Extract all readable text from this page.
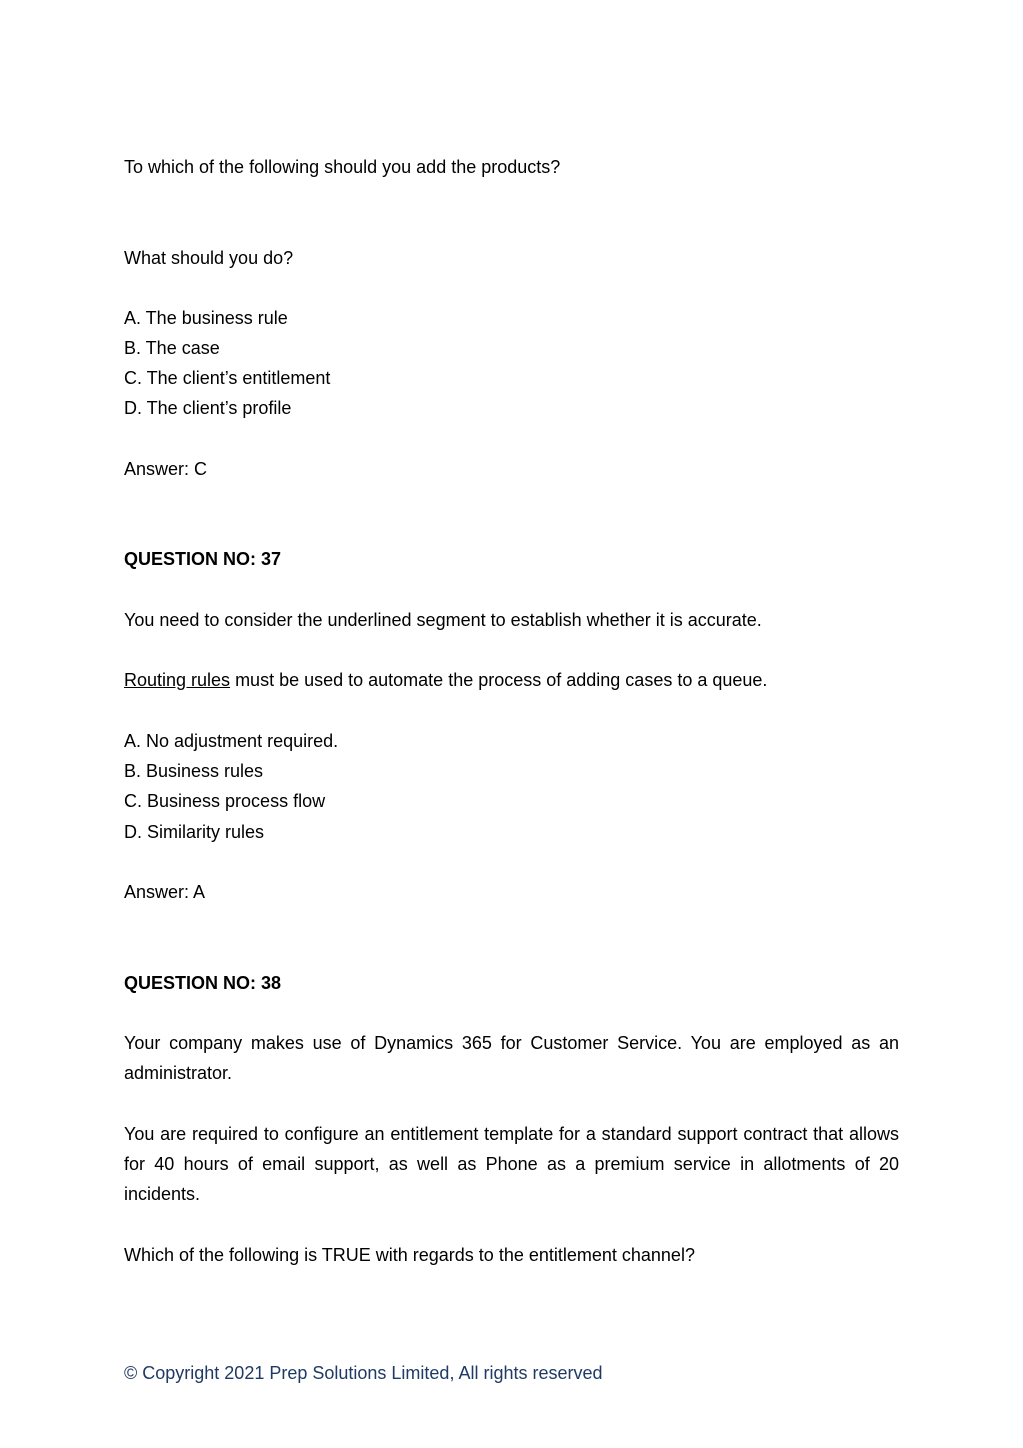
To which of the following should you add the products?
What should you do?
A. The business rule
B. The case
C. The client’s entitlement
D. The client’s profile
Answer: C
QUESTION NO: 37
You need to consider the underlined segment to establish whether it is accurate.
Routing rules must be used to automate the process of adding cases to a queue.
A. No adjustment required.
B. Business rules
C. Business process flow
D. Similarity rules
Answer: A
QUESTION NO: 38
Your company makes use of Dynamics 365 for Customer Service. You are employed as an administrator.
You are required to configure an entitlement template for a standard support contract that allows for 40 hours of email support, as well as Phone as a premium service in allotments of 20 incidents.
Which of the following is TRUE with regards to the entitlement channel?
© Copyright 2021 Prep Solutions Limited, All rights reserved
